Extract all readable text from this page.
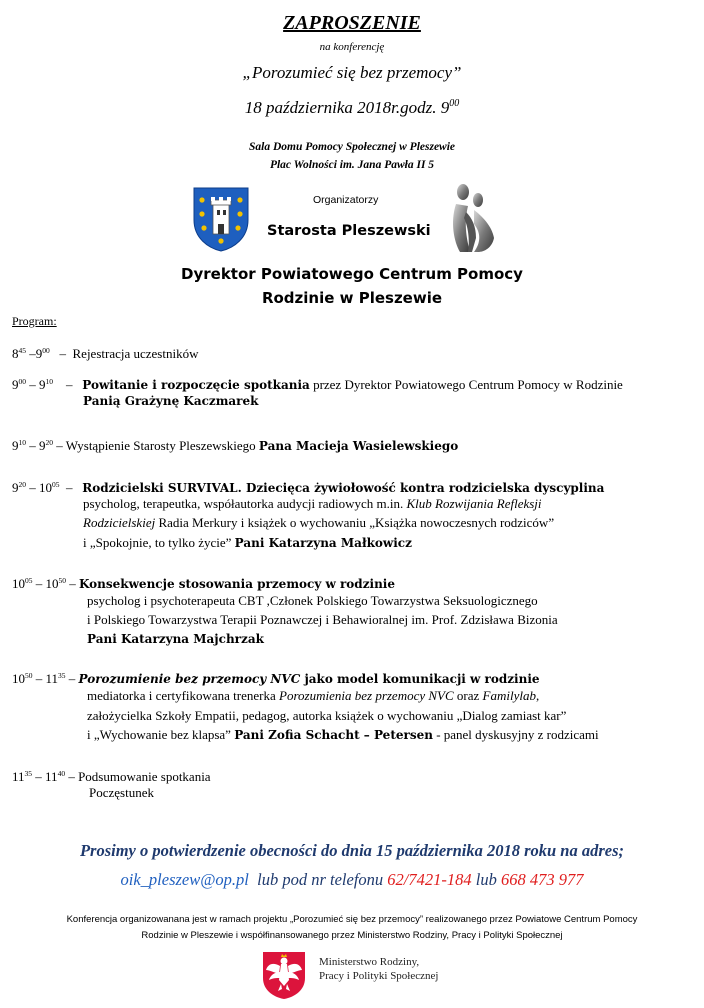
ZAPROSZENIE
na konferencję
„Porozumieć się bez przemocy”
18 października 2018r.godz. $9^{00}$
Sala Domu Pomocy Społecznej w Pleszewie
Plac Wolności im. Jana Pawła II 5
Organizatorzy
Starosta Pleszewski
Dyrektor Powiatowego Centrum Pomocy
Rodzinie w Pleszewie
Program:
$8^{45}$ $-9^{00}$   –  Rejestracja uczestników
$9^{00} - 9^{10}$    –   Powitanie i rozpoczęcie spotkania przez Dyrektor Powiatowego Centrum Pomocy w Rodzinie
Panią Grażynę Kaczmarek
$9^{10} - 9^{20}$ – Wystąpienie Starosty Pleszewskiego Pana Macieja Wasielewskiego
$9^{20} - 10^{05}$  –   Rodzicielski SURVIVAL. Dziecięca żywiołowość kontra rodzicielska dyscyplina
psycholog, terapeutka, współautorka audycji radiowych m.in. Klub Rozwijania Refleksji
Rodzicielskiej Radia Merkury i książek o wychowaniu „Książka nowoczesnych rodziców”
i „Spokojnie, to tylko życie” Pani Katarzyna Małkowicz
$10^{05} - 10^{50}$ – Konsekwencje stosowania przemocy w rodzinie
psycholog i psychoterapeuta CBT ,Członek Polskiego Towarzystwa Seksuologicznego
i Polskiego Towarzystwa Terapii Poznawczej i Behawioralnej im. Prof. Zdzisława Bizonia
Pani Katarzyna Majchrzak
$10^{50} - 11^{35}$ – Porozumienie bez przemocy NVC jako model komunikacji w rodzinie
mediatorka i certyfikowana trenerka Porozumienia bez przemocy NVC oraz Familylab,
założycielka Szkoły Empatii, pedagog, autorka książek o wychowaniu „Dialog zamiast kar”
i „Wychowanie bez klapsa” Pani Zofia Schacht – Petersen - panel dyskusyjny z rodzicami
$11^{35} - 11^{40}$ – Podsumowanie spotkania
Poczęstunek
Prosimy o potwierdzenie obecności do dnia 15 października 2018 roku na adres;
oik_pleszew@op.pl  lub pod nr telefonu 62/7421-184 lub 668 473 977
Konferencja organizowanana jest w ramach projektu „Porozumieć się bez przemocy” realizowanego przez Powiatowe Centrum Pomocy
Rodzinie w Pleszewie i współfinansowanego przez Ministerstwo Rodziny, Pracy i Polityki Społecznej
Ministerstwo Rodziny,
Pracy i Polityki Społecznej
